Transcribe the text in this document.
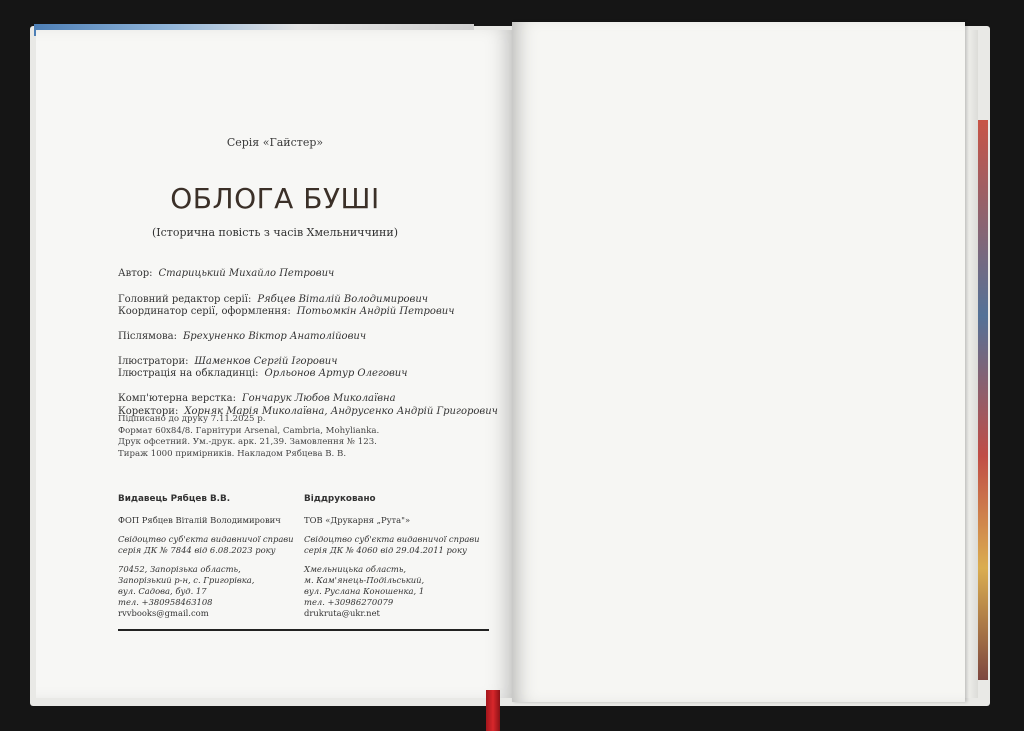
Серія «Гайстер»
ОБЛОГА БУШІ
(Історична повість з часів Хмельниччини)
Автор: Старицький Михайло Петрович
Головний редактор серії: Рябцев Віталій Володимирович
Координатор серії, оформлення: Потьомкін Андрій Петрович
Післямова: Брехуненко Віктор Анатолійович
Ілюстратори: Шаменков Сергій Ігорович
Ілюстрація на обкладинці: Орльонов Артур Олегович
Комп'ютерна верстка: Гончарук Любов Миколаївна
Коректори: Хорняк Марія Миколаївна, Андрусенко Андрій Григорович
Підписано до друку 7.11.2025 р.
Формат 60x84/8. Гарнітури Arsenal, Cambria, Mohylianka.
Друк офсетний. Ум.-друк. арк. 21,39. Замовлення № 123.
Тираж 1000 примірників. Накладом Рябцева В. В.
Видавець Рябцев В.В.
ФОП Рябцев Віталій Володимирович
Свідоцтво суб'єкта видавничої справи
серія ДК № 7844 від 6.08.2023 року
70452, Запорізька область,
Запорізький р-н, с. Григорівка,
вул. Садова, буд. 17
тел. +380958463108
rvvbooks@gmail.com
Віддруковано
ТОВ «Друкарня „Рута"»
Свідоцтво суб'єкта видавничої справи
серія ДК № 4060 від 29.04.2011 року
Хмельницька область,
м. Кам'янець-Подільський,
вул. Руслана Коношенка, 1
тел. +30986270079
drukruta@ukr.net
